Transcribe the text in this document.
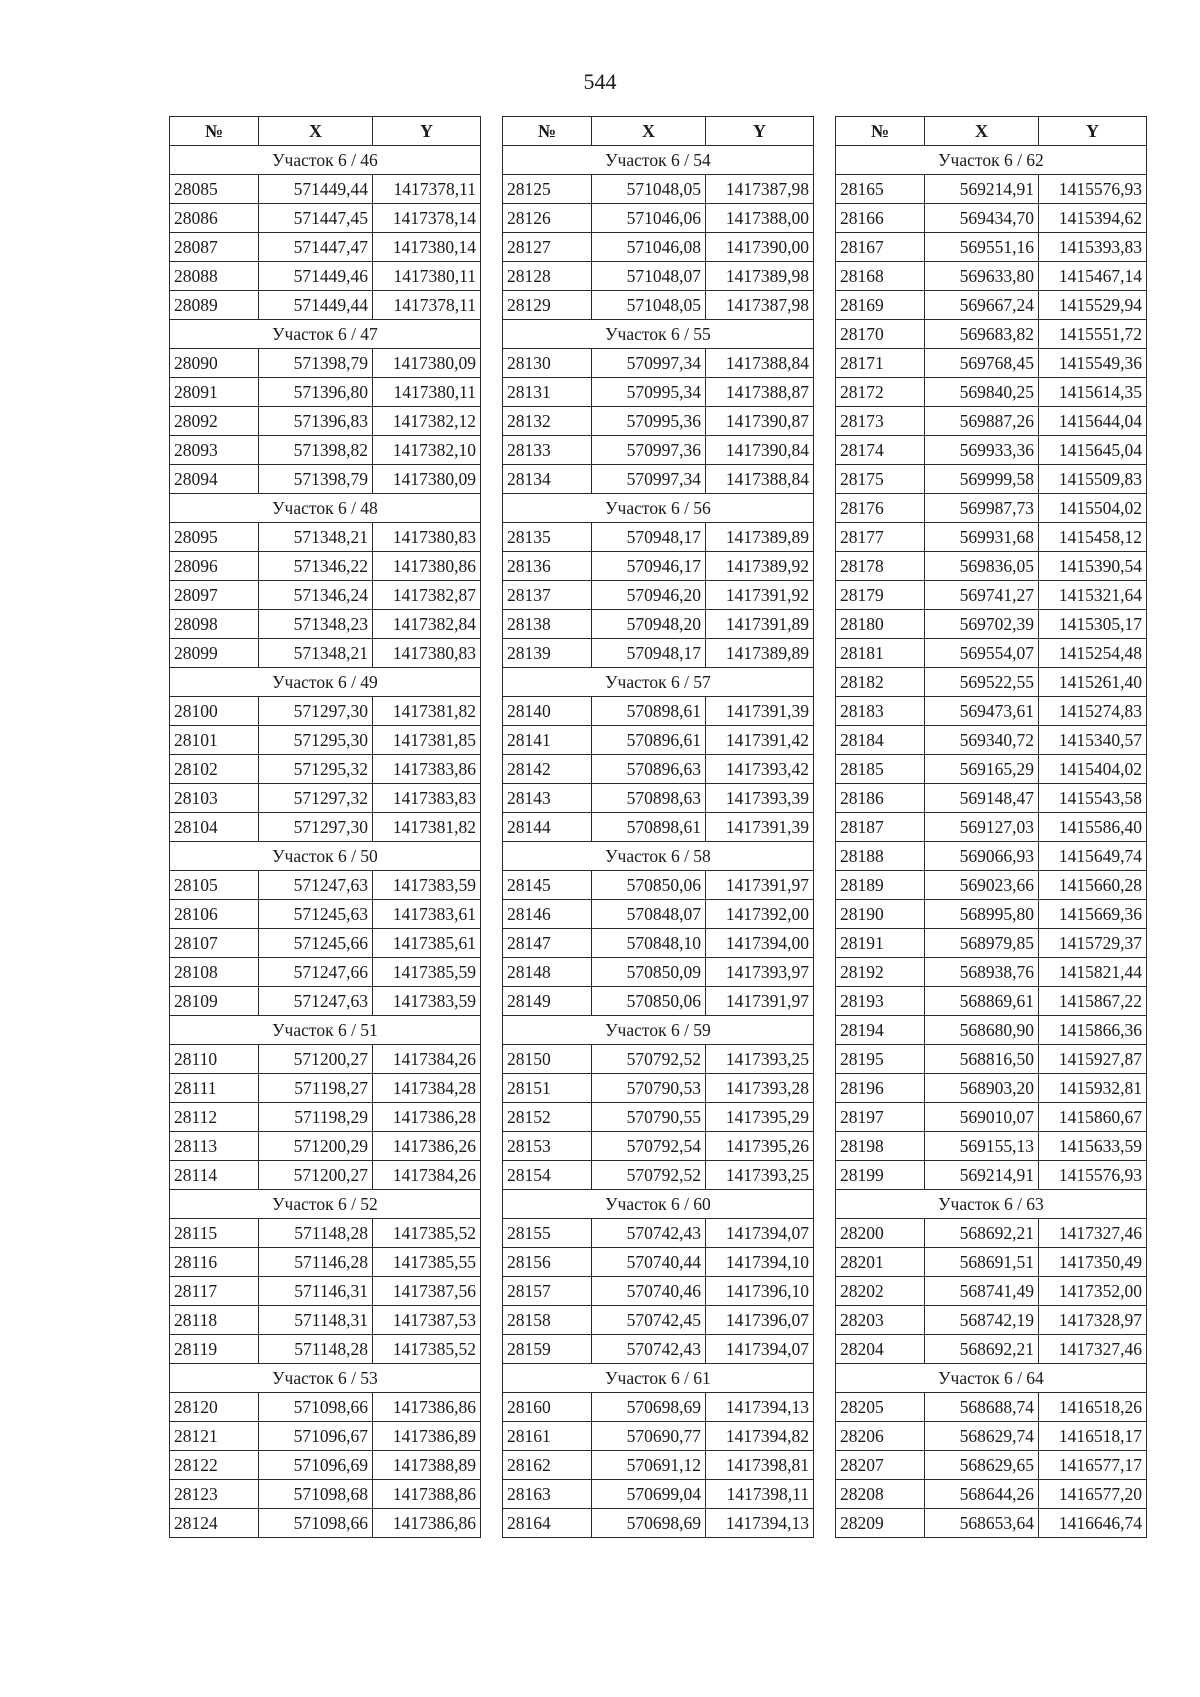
544
№	X	Y
Участок 6 / 46		
28085	571449,44	1417378,11
28086	571447,45	1417378,14
28087	571447,47	1417380,14
28088	571449,46	1417380,11
28089	571449,44	1417378,11
Участок 6 / 47		
28090	571398,79	1417380,09
28091	571396,80	1417380,11
28092	571396,83	1417382,12
28093	571398,82	1417382,10
28094	571398,79	1417380,09
Участок 6 / 48		
28095	571348,21	1417380,83
28096	571346,22	1417380,86
28097	571346,24	1417382,87
28098	571348,23	1417382,84
28099	571348,21	1417380,83
Участок 6 / 49		
28100	571297,30	1417381,82
28101	571295,30	1417381,85
28102	571295,32	1417383,86
28103	571297,32	1417383,83
28104	571297,30	1417381,82
Участок 6 / 50		
28105	571247,63	1417383,59
28106	571245,63	1417383,61
28107	571245,66	1417385,61
28108	571247,66	1417385,59
28109	571247,63	1417383,59
Участок 6 / 51		
28110	571200,27	1417384,26
28111	571198,27	1417384,28
28112	571198,29	1417386,28
28113	571200,29	1417386,26
28114	571200,27	1417384,26
Участок 6 / 52		
28115	571148,28	1417385,52
28116	571146,28	1417385,55
28117	571146,31	1417387,56
28118	571148,31	1417387,53
28119	571148,28	1417385,52
Участок 6 / 53		
28120	571098,66	1417386,86
28121	571096,67	1417386,89
28122	571096,69	1417388,89
28123	571098,68	1417388,86
28124	571098,66	1417386,86
№	X	Y
Участок 6 / 54		
28125	571048,05	1417387,98
28126	571046,06	1417388,00
28127	571046,08	1417390,00
28128	571048,07	1417389,98
28129	571048,05	1417387,98
Участок 6 / 55		
28130	570997,34	1417388,84
28131	570995,34	1417388,87
28132	570995,36	1417390,87
28133	570997,36	1417390,84
28134	570997,34	1417388,84
Участок 6 / 56		
28135	570948,17	1417389,89
28136	570946,17	1417389,92
28137	570946,20	1417391,92
28138	570948,20	1417391,89
28139	570948,17	1417389,89
Участок 6 / 57		
28140	570898,61	1417391,39
28141	570896,61	1417391,42
28142	570896,63	1417393,42
28143	570898,63	1417393,39
28144	570898,61	1417391,39
Участок 6 / 58		
28145	570850,06	1417391,97
28146	570848,07	1417392,00
28147	570848,10	1417394,00
28148	570850,09	1417393,97
28149	570850,06	1417391,97
Участок 6 / 59		
28150	570792,52	1417393,25
28151	570790,53	1417393,28
28152	570790,55	1417395,29
28153	570792,54	1417395,26
28154	570792,52	1417393,25
Участок 6 / 60		
28155	570742,43	1417394,07
28156	570740,44	1417394,10
28157	570740,46	1417396,10
28158	570742,45	1417396,07
28159	570742,43	1417394,07
Участок 6 / 61		
28160	570698,69	1417394,13
28161	570690,77	1417394,82
28162	570691,12	1417398,81
28163	570699,04	1417398,11
28164	570698,69	1417394,13
№	X	Y
Участок 6 / 62		
28165	569214,91	1415576,93
28166	569434,70	1415394,62
28167	569551,16	1415393,83
28168	569633,80	1415467,14
28169	569667,24	1415529,94
28170	569683,82	1415551,72
28171	569768,45	1415549,36
28172	569840,25	1415614,35
28173	569887,26	1415644,04
28174	569933,36	1415645,04
28175	569999,58	1415509,83
28176	569987,73	1415504,02
28177	569931,68	1415458,12
28178	569836,05	1415390,54
28179	569741,27	1415321,64
28180	569702,39	1415305,17
28181	569554,07	1415254,48
28182	569522,55	1415261,40
28183	569473,61	1415274,83
28184	569340,72	1415340,57
28185	569165,29	1415404,02
28186	569148,47	1415543,58
28187	569127,03	1415586,40
28188	569066,93	1415649,74
28189	569023,66	1415660,28
28190	568995,80	1415669,36
28191	568979,85	1415729,37
28192	568938,76	1415821,44
28193	568869,61	1415867,22
28194	568680,90	1415866,36
28195	568816,50	1415927,87
28196	568903,20	1415932,81
28197	569010,07	1415860,67
28198	569155,13	1415633,59
28199	569214,91	1415576,93
Участок 6 / 63		
28200	568692,21	1417327,46
28201	568691,51	1417350,49
28202	568741,49	1417352,00
28203	568742,19	1417328,97
28204	568692,21	1417327,46
Участок 6 / 64		
28205	568688,74	1416518,26
28206	568629,74	1416518,17
28207	568629,65	1416577,17
28208	568644,26	1416577,20
28209	568653,64	1416646,74
